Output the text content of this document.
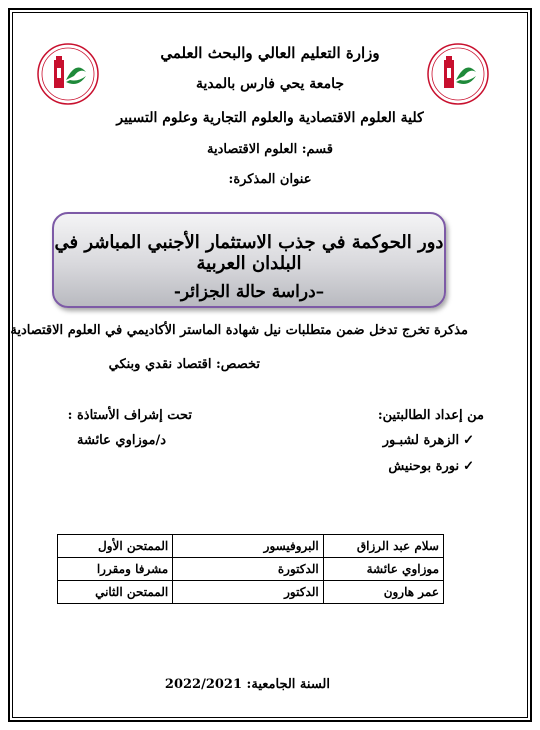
وزارة التعليم العالي والبحث العلمي
جامعة يحي فارس بالمدية
كلية العلوم الاقتصادية والعلوم التجارية وعلوم التسيير
قسم: العلوم الاقتصادية
عنوان المذكرة:
دور الحوكمة في جذب الاستثمار الأجنبي المباشر في البلدان العربية
–دراسة حالة الجزائر-
مذكرة تخرج تدخل ضمن متطلبات نيل شهادة الماستر الأكاديمي في العلوم الاقتصادية
تخصص: اقتصاد نقدي وبنكي
من إعداد الطالبتين:
تحت إشراف الأستاذة :
✓الزهرة لشبـور
✓نورة بوحنيش
د/موزاوي عائشة
سلام عبد الرزاق	البروفيسور	الممتحن الأول
موزاوي عائشة	الدكتورة	مشرفا ومقررا
عمر هارون	الدكتور	الممتحن الثاني
السنة الجامعية: 2022/2021
